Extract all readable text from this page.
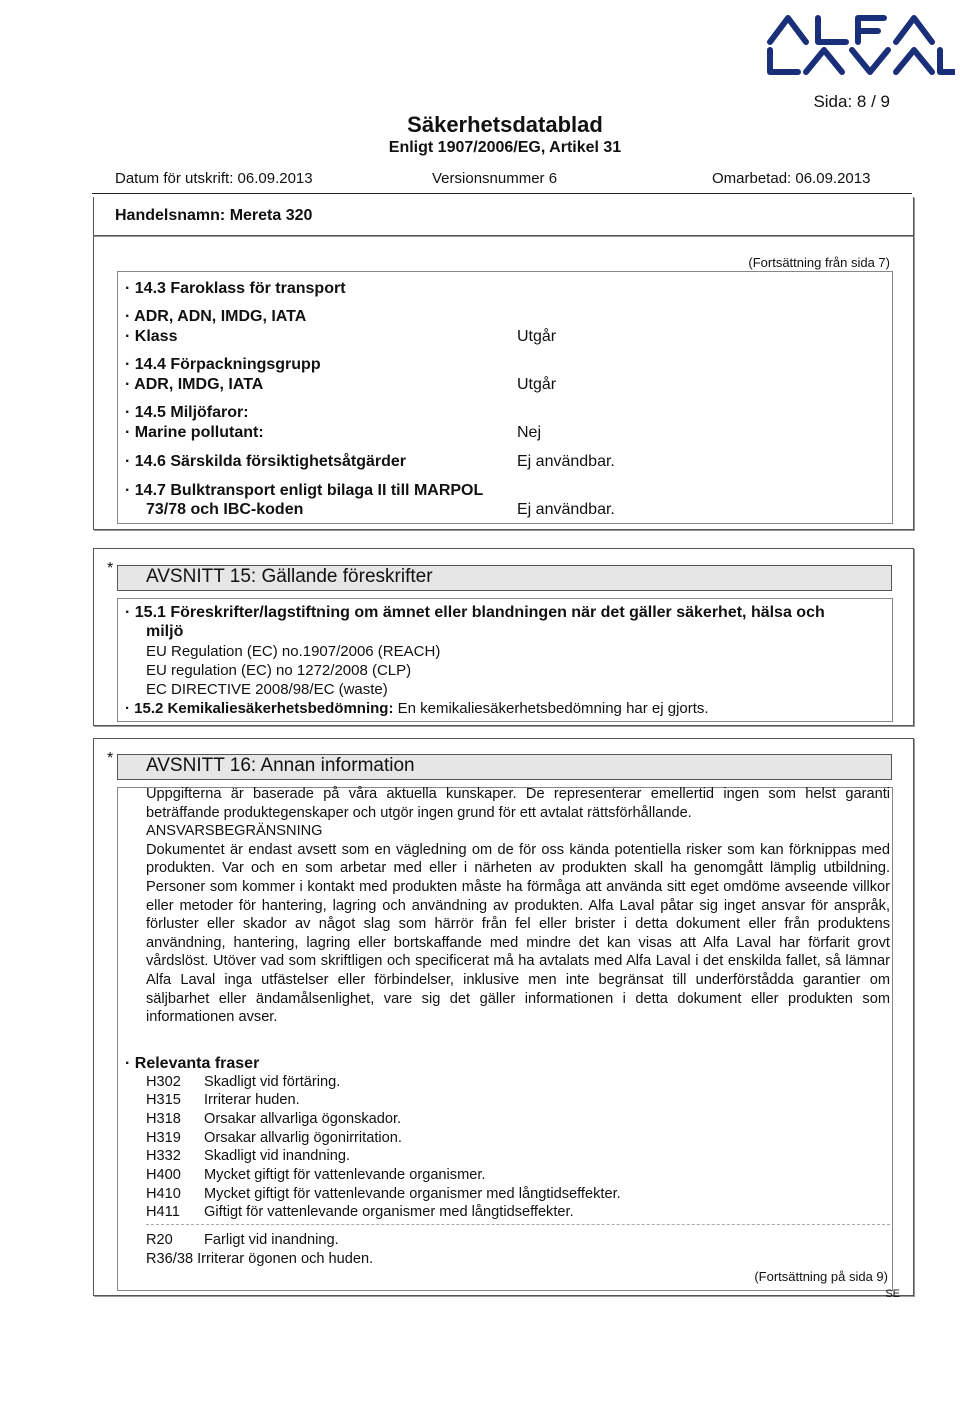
Sida: 8 / 9
Säkerhetsdatablad
Enligt 1907/2006/EG, Artikel 31
Datum för utskrift: 06.09.2013	Versionsnummer 6	Omarbetad: 06.09.2013
Handelsnamn: Mereta 320
(Fortsättning från sida 7)
· 14.3 Faroklass för transport
· ADR, ADN, IMDG, IATA
· Klass	Utgår
· 14.4 Förpackningsgrupp
· ADR, IMDG, IATA	Utgår
· 14.5 Miljöfaror:
· Marine pollutant:	Nej
· 14.6 Särskilda försiktighetsåtgärder	Ej användbar.
· 14.7 Bulktransport enligt bilaga II till MARPOL
73/78 och IBC-koden	Ej användbar.
* AVSNITT 15: Gällande föreskrifter
· 15.1 Föreskrifter/lagstiftning om ämnet eller blandningen när det gäller säkerhet, hälsa och
miljö
EU Regulation (EC) no.1907/2006 (REACH)
EU regulation (EC) no 1272/2008 (CLP)
EC DIRECTIVE 2008/98/EC (waste)
· 15.2 Kemikaliesäkerhetsbedömning: En kemikaliesäkerhetsbedömning har ej gjorts.
* AVSNITT 16: Annan information

Uppgifterna är baserade på våra aktuella kunskaper. De representerar emellertid ingen som helst garanti beträffande produktegenskaper och utgör ingen grund för ett avtalat rättsförhållande.

ANSVARSBEGRÄNSNING

Dokumentet är endast avsett som en vägledning om de för oss kända potentiella risker som kan förknippas med produkten. Var och en som arbetar med eller i närheten av produkten skall ha genomgått lämplig utbildning. Personer som kommer i kontakt med produkten måste ha förmåga att använda sitt eget omdöme avseende villkor eller metoder för hantering, lagring och användning av produkten. Alfa Laval påtar sig inget ansvar för anspråk, förluster eller skador av något slag som härrör från fel eller brister i detta dokument eller från produktens användning, hantering, lagring eller bortskaffande med mindre det kan visas att Alfa Laval har förfarit grovt vårdslöst. Utöver vad som skriftligen och specificerat må ha avtalats med Alfa Laval i det enskilda fallet, så lämnar Alfa Laval inga utfästelser eller förbindelser, inklusive men inte begränsat till underförstådda garantier om säljbarhet eller ändamålsenlighet, vare sig det gäller informationen i detta dokument eller produkten som informationen avser.

· Relevanta fraser
H302 Skadligt vid förtäring.
H315 Irriterar huden.
H318 Orsakar allvarliga ögonskador.
H319 Orsakar allvarlig ögonirritation.
H332 Skadligt vid inandning.
H400 Mycket giftigt för vattenlevande organismer.
H410 Mycket giftigt för vattenlevande organismer med långtidseffekter.
H411 Giftigt för vattenlevande organismer med långtidseffekter.
R20 Farligt vid inandning.
R36/38 Irriterar ögonen och huden.
(Fortsättning på sida 9)
SE
